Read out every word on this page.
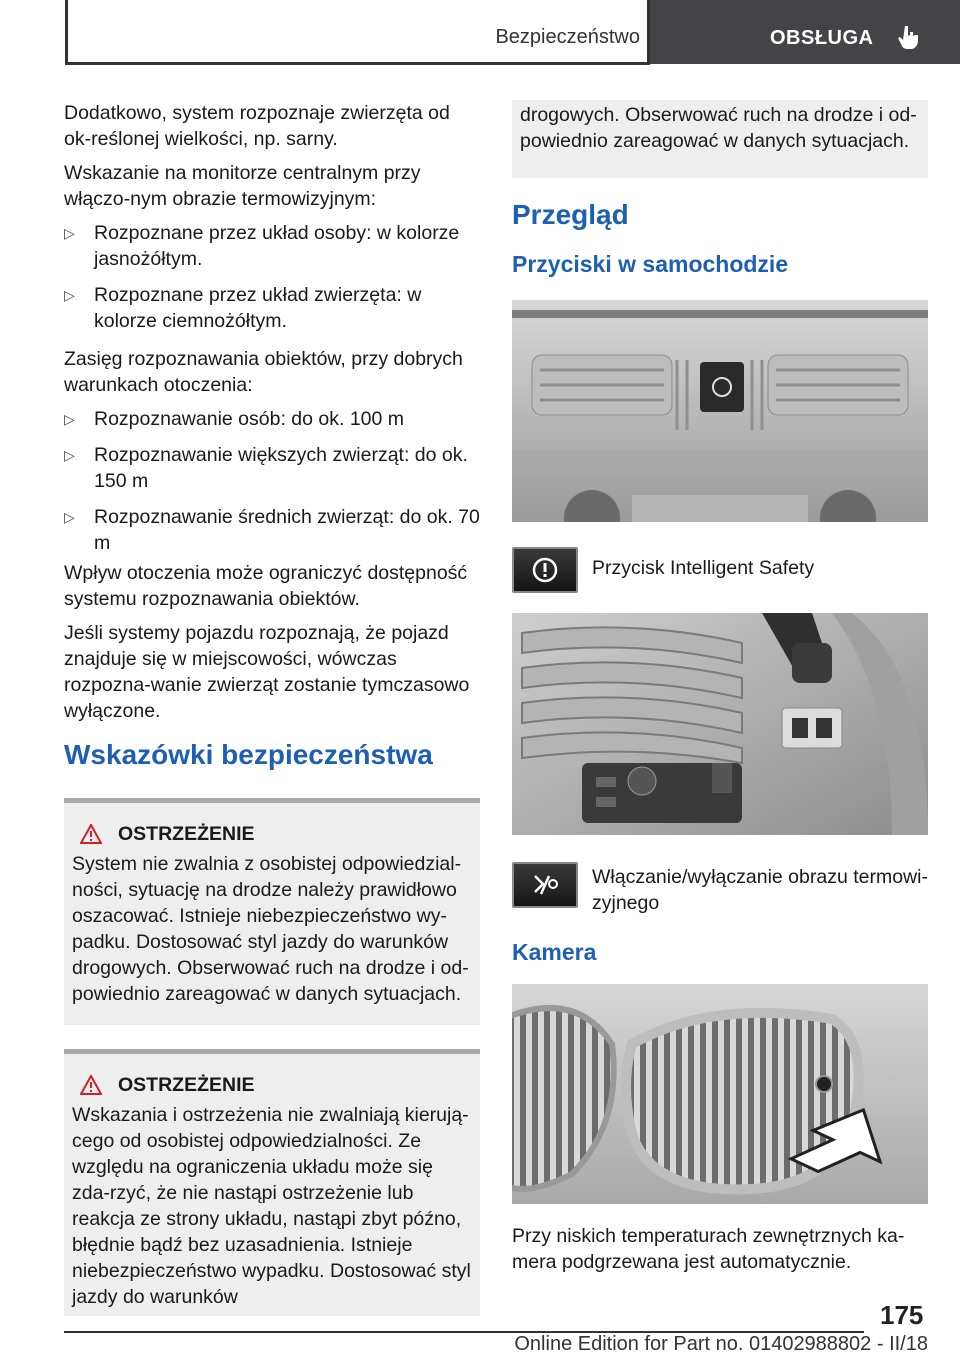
Bezpieczeństwo	OBSŁUGA

Dodatkowo, system rozpoznaje zwierzęta od ok-reślonej wielkości, np. sarny.

Wskazanie na monitorze centralnym przy włączo-nym obrazie termowizyjnym:

▷ Rozpoznane przez układ osoby: w kolorze jasnożółtym.
▷ Rozpoznane przez układ zwierzęta: w kolorze ciemnożółtym.

Zasięg rozpoznawania obiektów, przy dobrych warunkach otoczenia:

▷ Rozpoznawanie osób: do ok. 100 m
▷ Rozpoznawanie większych zwierząt: do ok. 150 m
▷ Rozpoznawanie średnich zwierząt: do ok. 70 m

Wpływ otoczenia może ograniczyć dostępność systemu rozpoznawania obiektów.

Jeśli systemy pojazdu rozpoznają, że pojazd znajduje się w miejscowości, wówczas rozpozna-wanie zwierząt zostanie tymczasowo wyłączone.

Wskazówki bezpieczeństwa
OSTRZEŻENIE
System nie zwalnia z osobistej odpowiedzial-ności, sytuację na drodze należy prawidłowo oszacować. Istnieje niebezpieczeństwo wy-padku. Dostosować styl jazdy do warunków drogowych. Obserwować ruch na drodze i od-powiednio zareagować w danych sytuacjach.
OSTRZEŻENIE
Wskazania i ostrzeżenia nie zwalniają kierują-cego od osobistej odpowiedzialności. Ze względu na ograniczenia układu może się zda-rzyć, że nie nastąpi ostrzeżenie lub reakcja ze strony układu, nastąpi zbyt późno, błędnie bądź bez uzasadnienia. Istnieje niebezpieczeństwo wypadku. Dostosować styl jazdy do warunków
drogowych. Obserwować ruch na drodze i od-powiednio zareagować w danych sytuacjach.
Przegląd
Przyciski w samochodzie
Przycisk Intelligent Safety
Włączanie/wyłączanie obrazu termowi-zyjnego
Kamera

Przy niskich temperaturach zewnętrznych ka-mera podgrzewana jest automatycznie.

175
Online Edition for Part no. 01402988802 - II/18
